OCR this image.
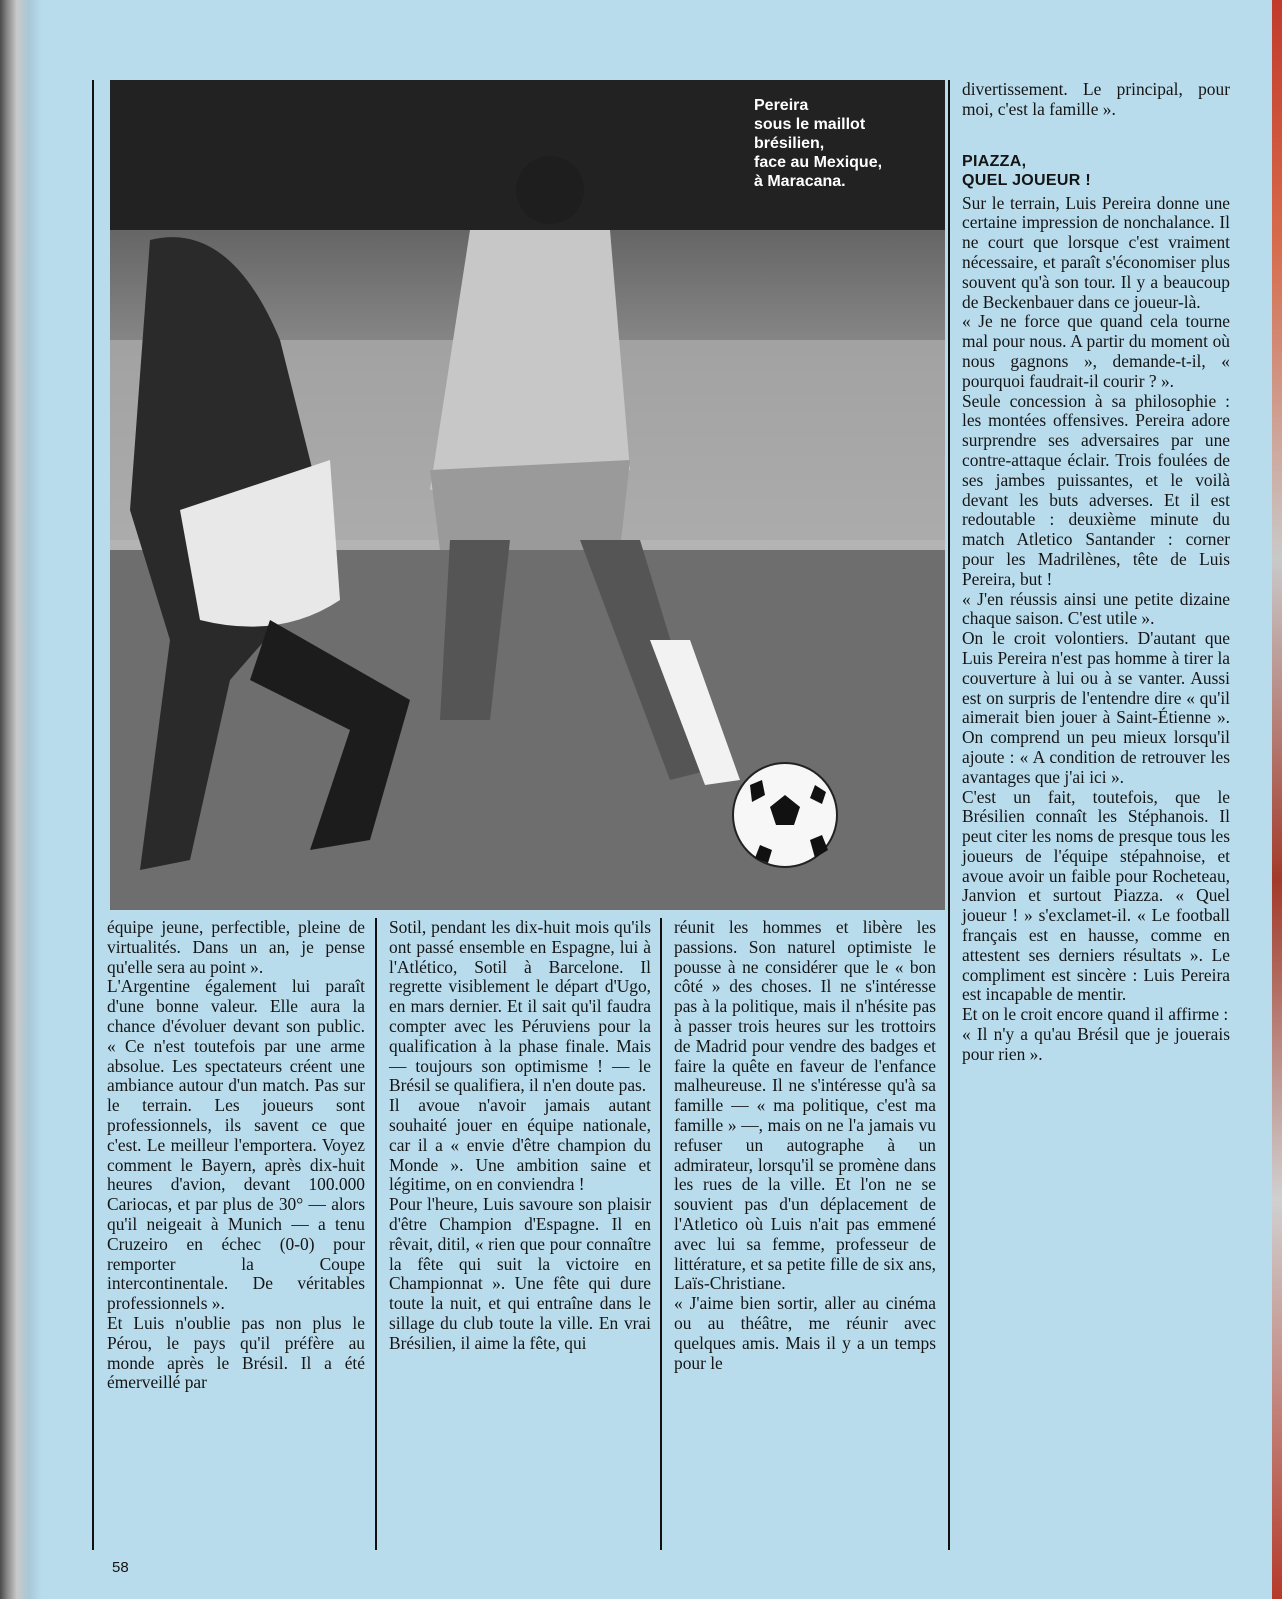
Pereira
sous le maillot
brésilien,
face au Mexique,
à Maracana.

équipe jeune, perfectible, pleine de virtualités. Dans un an, je pense qu'elle sera au point ».

L'Argentine également lui paraît d'une bonne valeur. Elle aura la chance d'évoluer devant son public. « Ce n'est toutefois par une arme absolue. Les spectateurs créent une ambiance autour d'un match. Pas sur le terrain. Les joueurs sont professionnels, ils savent ce que c'est. Le meilleur l'emportera. Voyez comment le Bayern, après dix-huit heures d'avion, devant 100.000 Cariocas, et par plus de 30° — alors qu'il neigeait à Munich — a tenu Cruzeiro en échec (0-0) pour remporter la Coupe intercontinentale. De véritables professionnels ».

Et Luis n'oublie pas non plus le Pérou, le pays qu'il préfère au monde après le Brésil. Il a été émerveillé par

Sotil, pendant les dix-huit mois qu'ils ont passé ensemble en Espagne, lui à l'Atlético, Sotil à Barcelone. Il regrette visiblement le départ d'Ugo, en mars dernier. Et il sait qu'il faudra compter avec les Péruviens pour la qualification à la phase finale. Mais — toujours son optimisme ! — le Brésil se qualifiera, il n'en doute pas.

Il avoue n'avoir jamais autant souhaité jouer en équipe nationale, car il a « envie d'être champion du Monde ». Une ambition saine et légitime, on en conviendra !

Pour l'heure, Luis savoure son plaisir d'être Champion d'Espagne. Il en rêvait, ditil, « rien que pour connaître la fête qui suit la victoire en Championnat ». Une fête qui dure toute la nuit, et qui entraîne dans le sillage du club toute la ville. En vrai Brésilien, il aime la fête, qui

réunit les hommes et libère les passions. Son naturel optimiste le pousse à ne considérer que le « bon côté » des choses. Il ne s'intéresse pas à la politique, mais il n'hésite pas à passer trois heures sur les trottoirs de Madrid pour vendre des badges et faire la quête en faveur de l'enfance malheureuse. Il ne s'intéresse qu'à sa famille — « ma politique, c'est ma famille » —, mais on ne l'a jamais vu refuser un autographe à un admirateur, lorsqu'il se promène dans les rues de la ville. Et l'on ne se souvient pas d'un déplacement de l'Atletico où Luis n'ait pas emmené avec lui sa femme, professeur de littérature, et sa petite fille de six ans, Laïs-Christiane.

« J'aime bien sortir, aller au cinéma ou au théâtre, me réunir avec quelques amis. Mais il y a un temps pour le

divertissement. Le principal, pour moi, c'est la famille ».

PIAZZA,
QUEL JOUEUR !

Sur le terrain, Luis Pereira donne une certaine impression de nonchalance. Il ne court que lorsque c'est vraiment nécessaire, et paraît s'économiser plus souvent qu'à son tour. Il y a beaucoup de Beckenbauer dans ce joueur-là.

« Je ne force que quand cela tourne mal pour nous. A partir du moment où nous gagnons », demande-t-il, « pourquoi faudrait-il courir ? ».

Seule concession à sa philosophie : les montées offensives. Pereira adore surprendre ses adversaires par une contre-attaque éclair. Trois foulées de ses jambes puissantes, et le voilà devant les buts adverses. Et il est redoutable : deuxième minute du match Atletico Santander : corner pour les Madrilènes, tête de Luis Pereira, but !

« J'en réussis ainsi une petite dizaine chaque saison. C'est utile ».

On le croit volontiers. D'autant que Luis Pereira n'est pas homme à tirer la couverture à lui ou à se vanter. Aussi est on surpris de l'entendre dire « qu'il aimerait bien jouer à Saint-Étienne ». On comprend un peu mieux lorsqu'il ajoute : « A condition de retrouver les avantages que j'ai ici ».

C'est un fait, toutefois, que le Brésilien connaît les Stéphanois. Il peut citer les noms de presque tous les joueurs de l'équipe stépahnoise, et avoue avoir un faible pour Rocheteau, Janvion et surtout Piazza. « Quel joueur ! » s'exclamet-il. « Le football français est en hausse, comme en attestent ses derniers résultats ». Le compliment est sincère : Luis Pereira est incapable de mentir.

Et on le croit encore quand il affirme :

« Il n'y a qu'au Brésil que je jouerais pour rien ».

58
